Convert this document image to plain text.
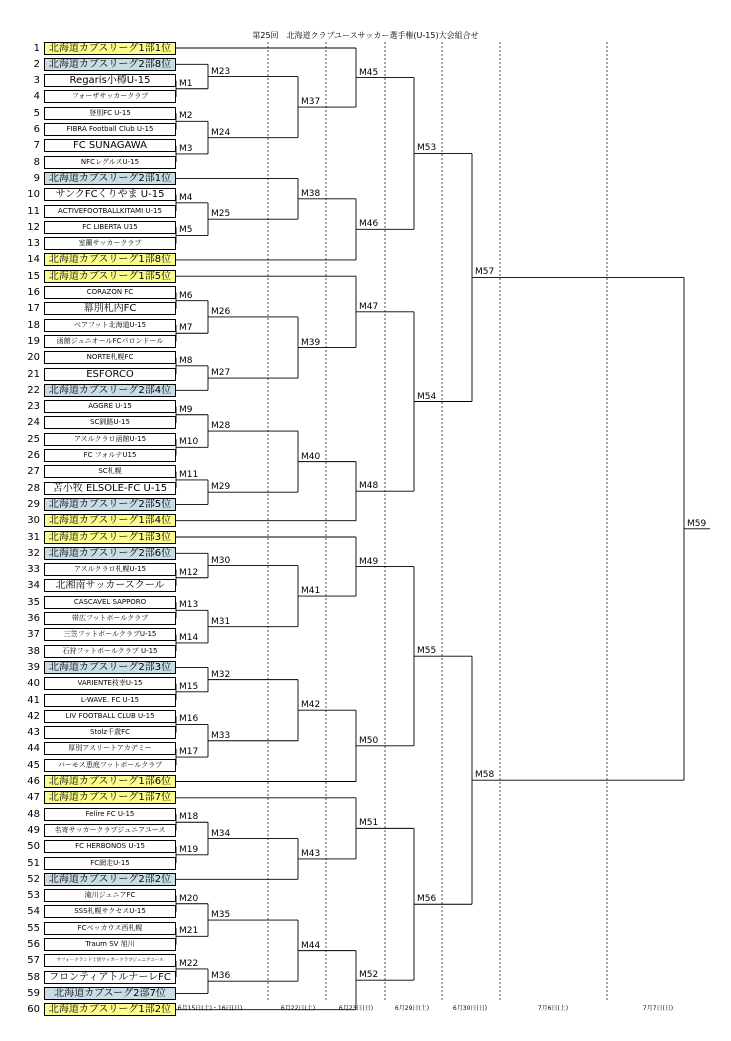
第25回　北海道クラブユースサッカー選手権(U-15)大会組合せ
1 北海道カブスリーグ1部1位
2 北海道カブスリーグ2部8位
3	Regaris小樽U-15
4	フォーザサッカークラブ
5	登別FC U-15
6	FIBRA Football Club U-15
7	FC SUNAGAWA
8	NFCレグルスU-15
9 北海道カブスリーグ2部1位
10	サンクFCくりやま U-15
11	ACTIVEFOOTBALLKITAMI U-15
12	FC LIBERTA U15
13	室蘭サッカークラブ
14 北海道カブスリーグ1部8位
15 北海道カブスリーグ1部5位
16	CORAZON FC
17	幕別札内FC
18	ベアフット北海道U-15
19	函館ジュニオールFCパロンドール
20	NORTE札幌FC
21	ESFORCO
22 北海道カブスリーグ2部4位
23	AGGRE U-15
24	SC釧路U-15
25	アスルクラロ函館U-15
26	FC フォルテU15
27	SC札幌
28	苫小牧 ELSOLE-FC U-15
29 北海道カブスリーグ2部5位
30 北海道カブスリーグ1部4位
31 北海道カブスリーグ1部3位
32 北海道カブスリーグ2部6位
33	アスルクラロ札幌U-15
34	北湘南サッカースクール
35	CASCAVEL SAPPORO
36	帯広フットボールクラブ
37	三笠フットボールクラブU-15
38	石狩フットボールクラブ U-15
39 北海道カブスリーグ2部3位
40	VARIENTE枝幸U-15
41	L-WAVE. FC U-15
42	LIV FOOTBALL CLUB U-15
43	Stolz千歳FC
44	厚別アスリートアカデミー
45	バーモス恵庭フットボールクラブ
46 北海道カブスリーグ1部6位
47 北海道カブスリーグ1部7位
48	Felire FC U-15
49	名寄サッカークラブジュニアユース
50	FC HERBONOS U-15
51	FC網走U-15
52 北海道カブスリーグ2部2位
53	滝川ジュニアFC
54	SSS札幌サクセスU-15
55	FCペッカウス西札幌
56	Traum SV 旭川
57	サフォークランド士別サッカークラブジュニアユース
58 フロンティアトルナーレFC
59	北海道カブスーグ2部7位
60 北海道カブスリーグ1部2位
M1
M2
M3
M4
M5
M6
M7
M8
M9
M10
M11
M12
M13
M14
M15
M16
M17
M18
M19
M20
M21
M22
M23
M24
M25
M26
M27
M28
M29
M30
M31
M32
M33
M34
M35
M36
M37
M38
M39
M40
M41
M42
M43
M44
M45
M46
M47
M48
M49
M50
M51
M52
M53
M54
M55
M56
M57
M58
M59
6月15日(土)・16日(日)	6月22日(土)	6月23日(日)	6月29日(土)	6月30日(日)	7月6日(土)	7月7日(日)
